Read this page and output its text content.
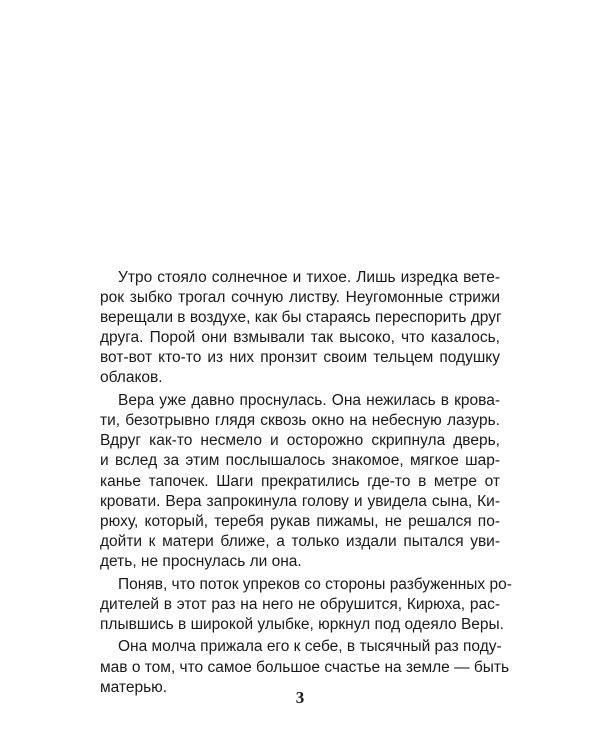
Утро стояло солнечное и тихое. Лишь изредка вете-
рок зыбко трогал сочную листву. Неугомонные стрижи
верещали в воздухе, как бы стараясь переспорить друг
друга. Порой они взмывали так высоко, что казалось,
вот-вот кто-то из них пронзит своим тельцем подушку
облаков.
Вера уже давно проснулась. Она нежилась в крова-
ти, безотрывно глядя сквозь окно на небесную лазурь.
Вдруг как-то несмело и осторожно скрипнула дверь,
и вслед за этим послышалось знакомое, мягкое шар-
канье тапочек. Шаги прекратились где-то в метре от
кровати. Вера запрокинула голову и увидела сына, Ки-
рюху, который, теребя рукав пижамы, не решался по-
дойти к матери ближе, а только издали пытался уви-
деть, не проснулась ли она.
Поняв, что поток упреков со стороны разбуженных ро-
дителей в этот раз на него не обрушится, Кирюха, рас-
плывшись в широкой улыбке, юркнул под одеяло Веры.
Она молча прижала его к себе, в тысячный раз поду-
мав о том, что самое большое счастье на земле — быть
матерью.
3
